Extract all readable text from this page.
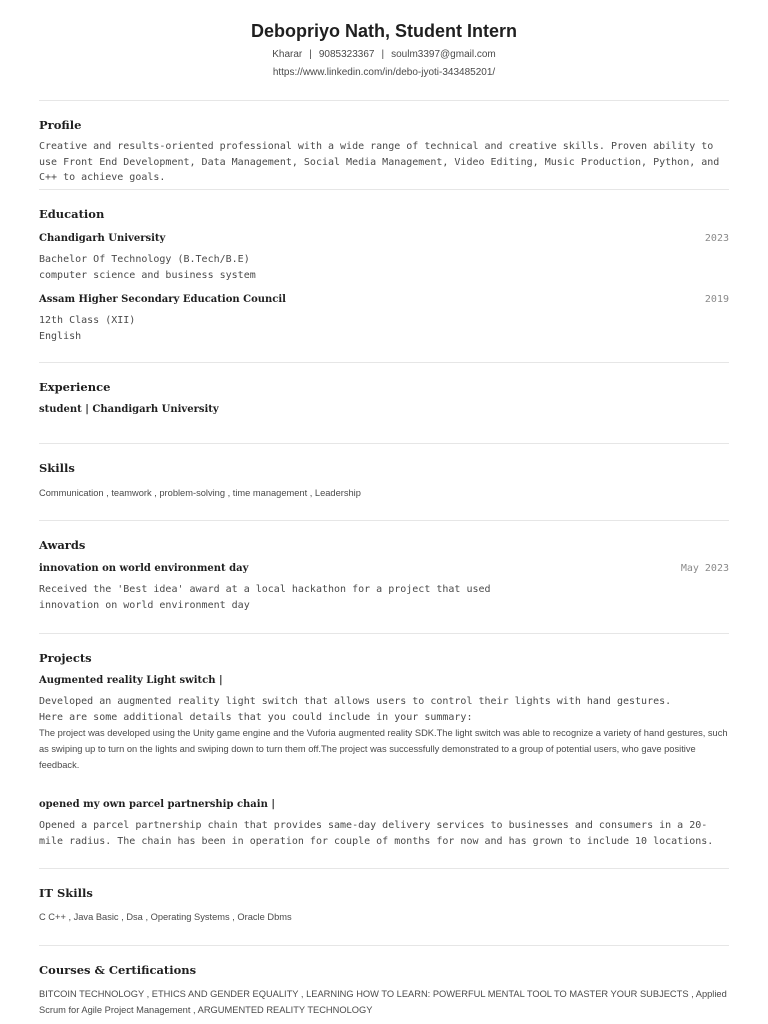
Debopriyo Nath, Student Intern
Kharar | 9085323367 | soulm3397@gmail.com
https://www.linkedin.com/in/debo-jyoti-343485201/
Profile

Creative and results-oriented professional with a wide range of technical and creative skills. Proven ability to use Front End Development, Data Management, Social Media Management, Video Editing, Music Production, Python, and C++ to achieve goals.

Education
Chandigarh University	2023

Bachelor Of Technology (B.Tech/B.E)

computer science and business system

Assam Higher Secondary Education Council	2019

12th Class (XII)

English

Experience
student | Chandigarh University
Skills

Communication , teamwork , problem-solving , time management , Leadership

Awards
innovation on world environment day	May 2023

Received the 'Best idea' award at a local hackathon for a project that used innovation on world environment day

Projects
Augmented reality Light switch |

Developed an augmented reality light switch that allows users to control their lights with hand gestures.

Here are some additional details that you could include in your summary:

The project was developed using the Unity game engine and the Vuforia augmented reality SDK.The light switch was able to recognize a variety of hand gestures, such as swiping up to turn on the lights and swiping down to turn them off.The project was successfully demonstrated to a group of potential users, who gave positive feedback.

opened my own parcel partnership chain |

Opened a parcel partnership chain that provides same-day delivery services to businesses and consumers in a 20-mile radius. The chain has been in operation for couple of months for now and has grown to include 10 locations.

IT Skills

C C++ , Java Basic , Dsa , Operating Systems , Oracle Dbms

Courses & Certifications

BITCOIN TECHNOLOGY , ETHICS AND GENDER EQUALITY , LEARNING HOW TO LEARN: POWERFUL MENTAL TOOL TO MASTER YOUR SUBJECTS , Applied Scrum for Agile Project Management , ARGUMENTED REALITY TECHNOLOGY
